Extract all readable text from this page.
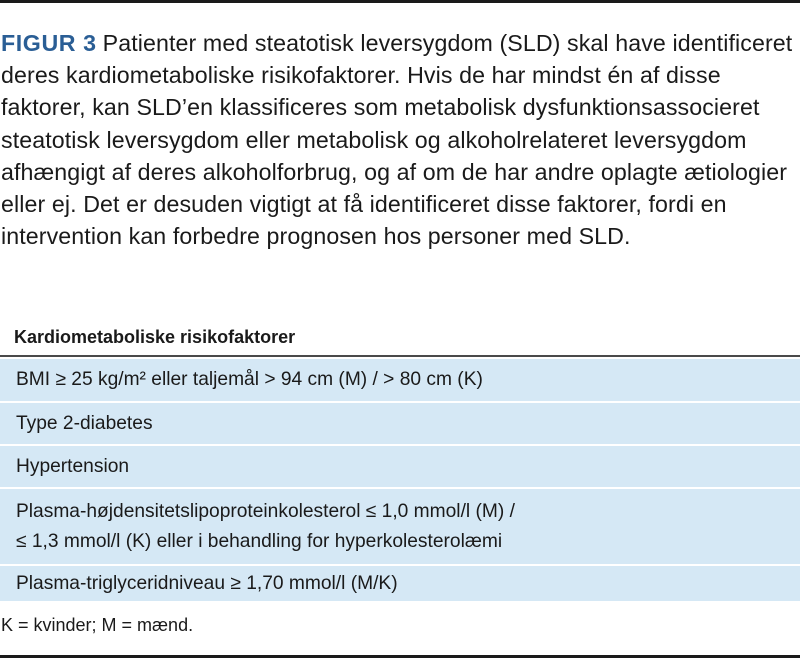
FIGUR 3 Patienter med steatotisk leversygdom (SLD) skal have identificeret deres kardiometaboliske risikofaktorer. Hvis de har mindst én af disse faktorer, kan SLD’en klassificeres som metabolisk dysfunktionsassocieret steatotisk leversygdom eller metabolisk og alkoholrelateret leversygdom afhængigt af deres alkoholforbrug, og af om de har andre oplagte ætiologier eller ej. Det er desuden vigtigt at få identificeret disse faktorer, fordi en intervention kan forbedre prognosen hos personer med SLD.
Kardiometaboliske risikofaktorer
BMI ≥ 25 kg/m² eller taljemål > 94 cm (M) / > 80 cm (K)
Type 2-diabetes
Hypertension
Plasma-højdensitetslipoproteinkolesterol ≤ 1,0 mmol/l (M) /
≤ 1,3 mmol/l (K) eller i behandling for hyperkolesterolæmi
Plasma-triglyceridniveau ≥ 1,70 mmol/l (M/K)
K = kvinder; M = mænd.
